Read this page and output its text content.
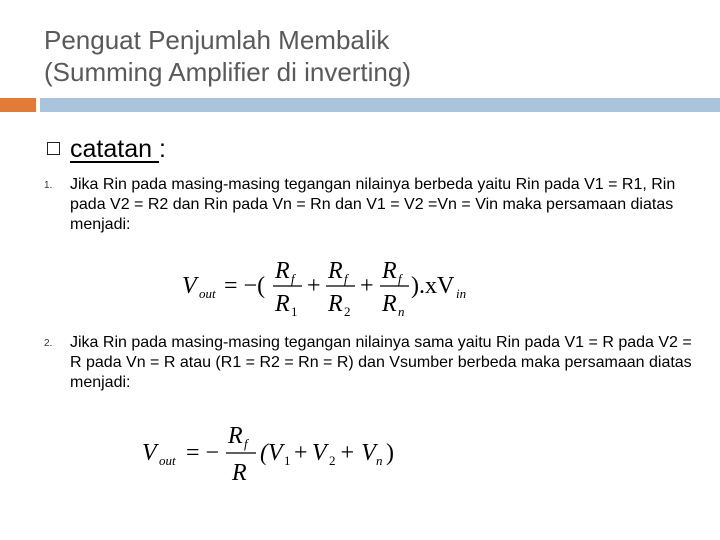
Penguat Penjumlah Membalik
(Summing Amplifier di inverting)
catatan :
1. Jika Rin pada masing-masing tegangan nilainya berbeda yaitu Rin pada V1 = R1, Rin pada V2 = R2 dan Rin pada Vn = Rn dan V1 = V2 =Vn = Vin maka persamaan diatas menjadi:
V out = −(
R f
R 1
+
R f
R 2
+
R f
R n
).xV in
2. Jika Rin pada masing-masing tegangan nilainya sama yaitu Rin pada V1 = R pada V2 = R pada Vn = R atau (R1 = R2 = Rn = R) dan Vsumber berbeda maka persamaan diatas menjadi:
V out = −
R f
R
(V 1 + V 2 + V n )
